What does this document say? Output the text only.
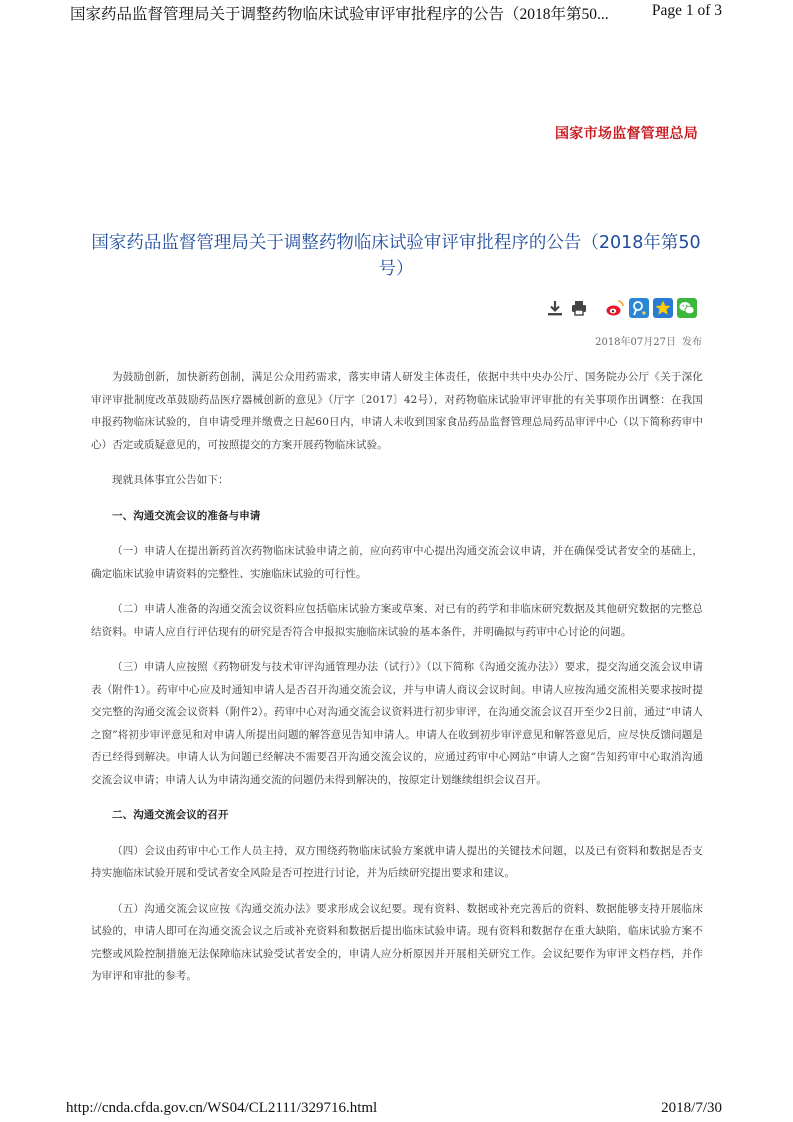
国家药品监督管理局关于调整药物临床试验审评审批程序的公告（2018年第50...	Page 1 of 3
国家市场监督管理总局
国家药品监督管理局关于调整药物临床试验审评审批程序的公告（2018年第50号）
2018年07月27日 发布

为鼓励创新，加快新药创制，满足公众用药需求，落实申请人研发主体责任，依据中共中央办公厅、国务院办公厅《关于深化审评审批制度改革鼓励药品医疗器械创新的意见》（厅字〔2017〕42号），对药物临床试验审评审批的有关事项作出调整：在我国申报药物临床试验的，自申请受理并缴费之日起60日内，申请人未收到国家食品药品监督管理总局药品审评中心（以下简称药审中心）否定或质疑意见的，可按照提交的方案开展药物临床试验。

现就具体事宜公告如下：

一、沟通交流会议的准备与申请

（一）申请人在提出新药首次药物临床试验申请之前，应向药审中心提出沟通交流会议申请，并在确保受试者安全的基础上，确定临床试验申请资料的完整性、实施临床试验的可行性。

（二）申请人准备的沟通交流会议资料应包括临床试验方案或草案、对已有的药学和非临床研究数据及其他研究数据的完整总结资料。申请人应自行评估现有的研究是否符合申报拟实施临床试验的基本条件，并明确拟与药审中心讨论的问题。

（三）申请人应按照《药物研发与技术审评沟通管理办法（试行）》（以下简称《沟通交流办法》）要求，提交沟通交流会议申请表（附件1）。药审中心应及时通知申请人是否召开沟通交流会议，并与申请人商议会议时间。申请人应按沟通交流相关要求按时提交完整的沟通交流会议资料（附件2）。药审中心对沟通交流会议资料进行初步审评，在沟通交流会议召开至少2日前，通过“申请人之窗”将初步审评意见和对申请人所提出问题的解答意见告知申请人。申请人在收到初步审评意见和解答意见后，应尽快反馈问题是否已经得到解决。申请人认为问题已经解决不需要召开沟通交流会议的，应通过药审中心网站“申请人之窗”告知药审中心取消沟通交流会议申请；申请人认为申请沟通交流的问题仍未得到解决的，按原定计划继续组织会议召开。

二、沟通交流会议的召开

（四）会议由药审中心工作人员主持，双方围绕药物临床试验方案就申请人提出的关键技术问题，以及已有资料和数据是否支持实施临床试验开展和受试者安全风险是否可控进行讨论，并为后续研究提出要求和建议。

（五）沟通交流会议应按《沟通交流办法》要求形成会议纪要。现有资料、数据或补充完善后的资料、数据能够支持开展临床试验的，申请人即可在沟通交流会议之后或补充资料和数据后提出临床试验申请。现有资料和数据存在重大缺陷，临床试验方案不完整或风险控制措施无法保障临床试验受试者安全的，申请人应分析原因并开展相关研究工作。会议纪要作为审评文档存档，并作为审评和审批的参考。

http://cnda.cfda.gov.cn/WS04/CL2111/329716.html	2018/7/30
